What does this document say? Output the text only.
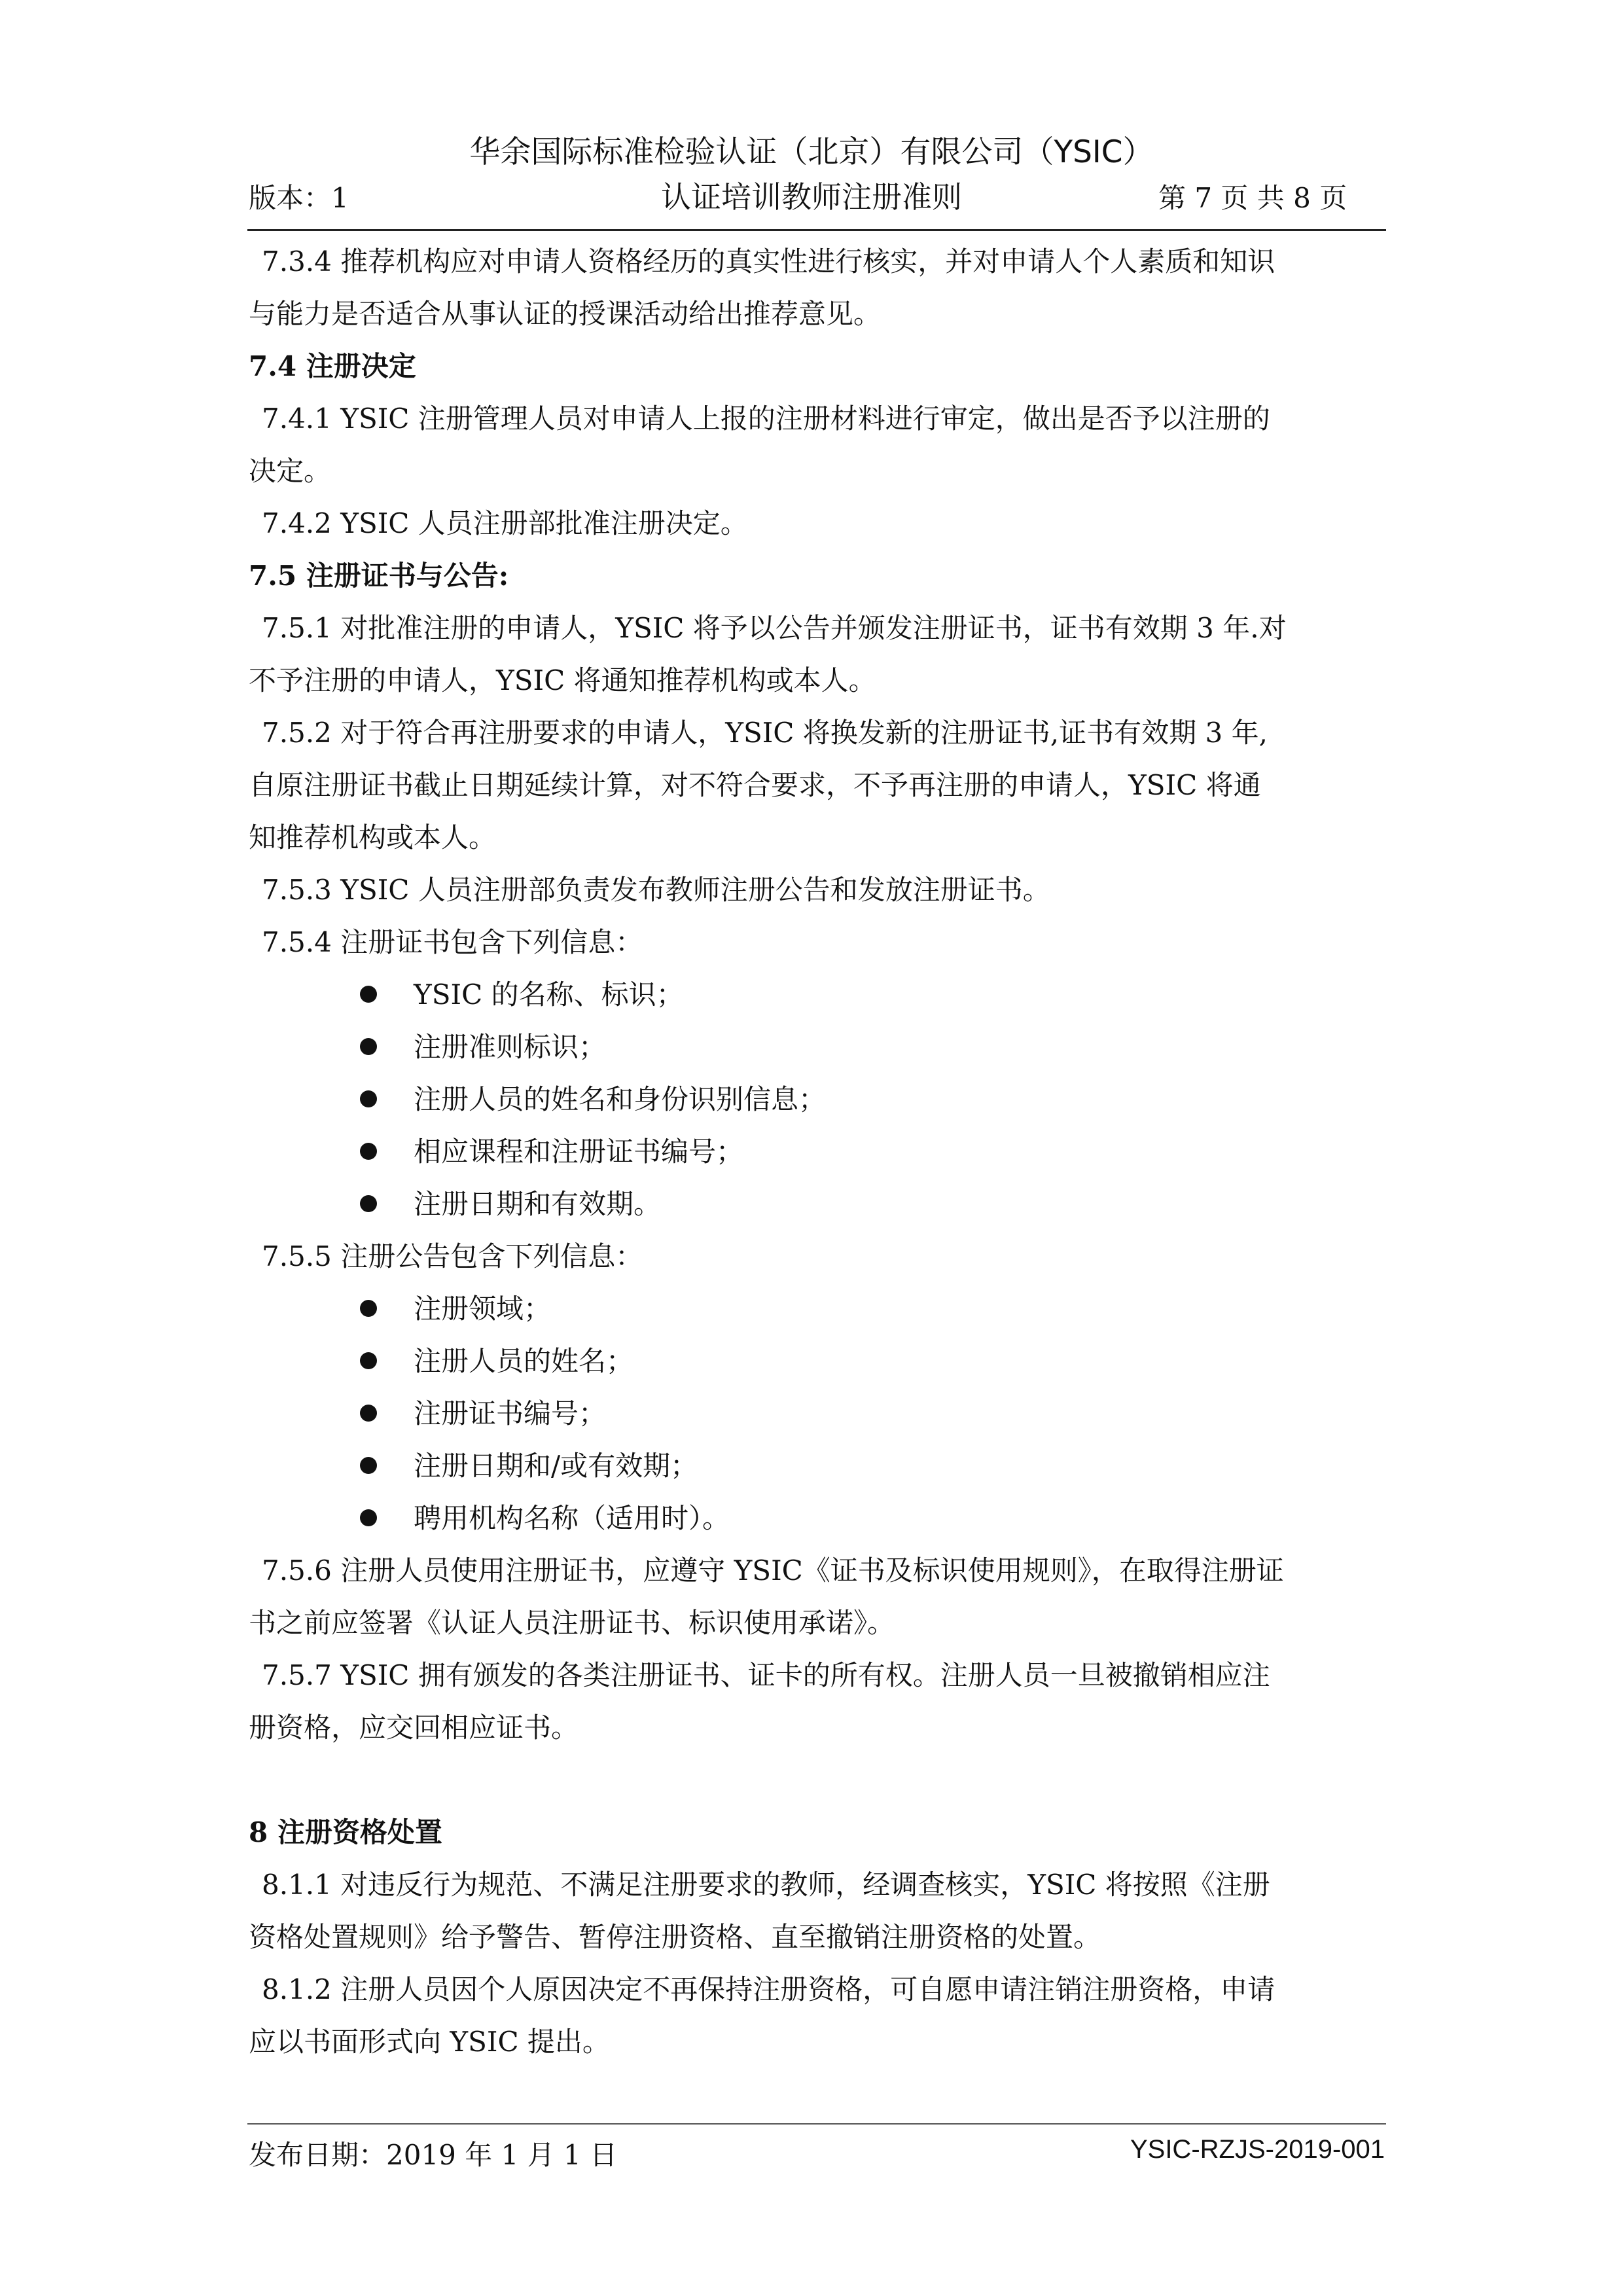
华余国际标准检验认证（北京）有限公司（YSIC）
版本：1	认证培训教师注册准则	第 7 页 共 8 页
7.3.4 推荐机构应对申请人资格经历的真实性进行核实，并对申请人个人素质和知识
与能力是否适合从事认证的授课活动给出推荐意见。
7.4 注册决定
7.4.1 YSIC 注册管理人员对申请人上报的注册材料进行审定，做出是否予以注册的
决定。
7.4.2 YSIC 人员注册部批准注册决定。
7.5 注册证书与公告:
7.5.1 对批准注册的申请人，YSIC 将予以公告并颁发注册证书，证书有效期 3 年.对
不予注册的申请人，YSIC 将通知推荐机构或本人。
7.5.2 对于符合再注册要求的申请人，YSIC 将换发新的注册证书,证书有效期 3 年,
自原注册证书截止日期延续计算，对不符合要求，不予再注册的申请人，YSIC 将通
知推荐机构或本人。
7.5.3 YSIC 人员注册部负责发布教师注册公告和发放注册证书。
7.5.4 注册证书包含下列信息：
YSIC 的名称、标识；
注册准则标识；
注册人员的姓名和身份识别信息；
相应课程和注册证书编号；
注册日期和有效期。
7.5.5 注册公告包含下列信息：
注册领域；
注册人员的姓名；
注册证书编号；
注册日期和/或有效期；
聘用机构名称（适用时）。
7.5.6 注册人员使用注册证书，应遵守 YSIC《证书及标识使用规则》，在取得注册证
书之前应签署《认证人员注册证书、标识使用承诺》。
7.5.7 YSIC 拥有颁发的各类注册证书、证卡的所有权。注册人员一旦被撤销相应注
册资格，应交回相应证书。
8 注册资格处置
8.1.1 对违反行为规范、不满足注册要求的教师，经调查核实，YSIC 将按照《注册
资格处置规则》给予警告、暂停注册资格、直至撤销注册资格的处置。
8.1.2 注册人员因个人原因决定不再保持注册资格，可自愿申请注销注册资格，申请
应以书面形式向 YSIC 提出。
发布日期：2019 年 1 月 1 日	YSIC-RZJS-2019-001
